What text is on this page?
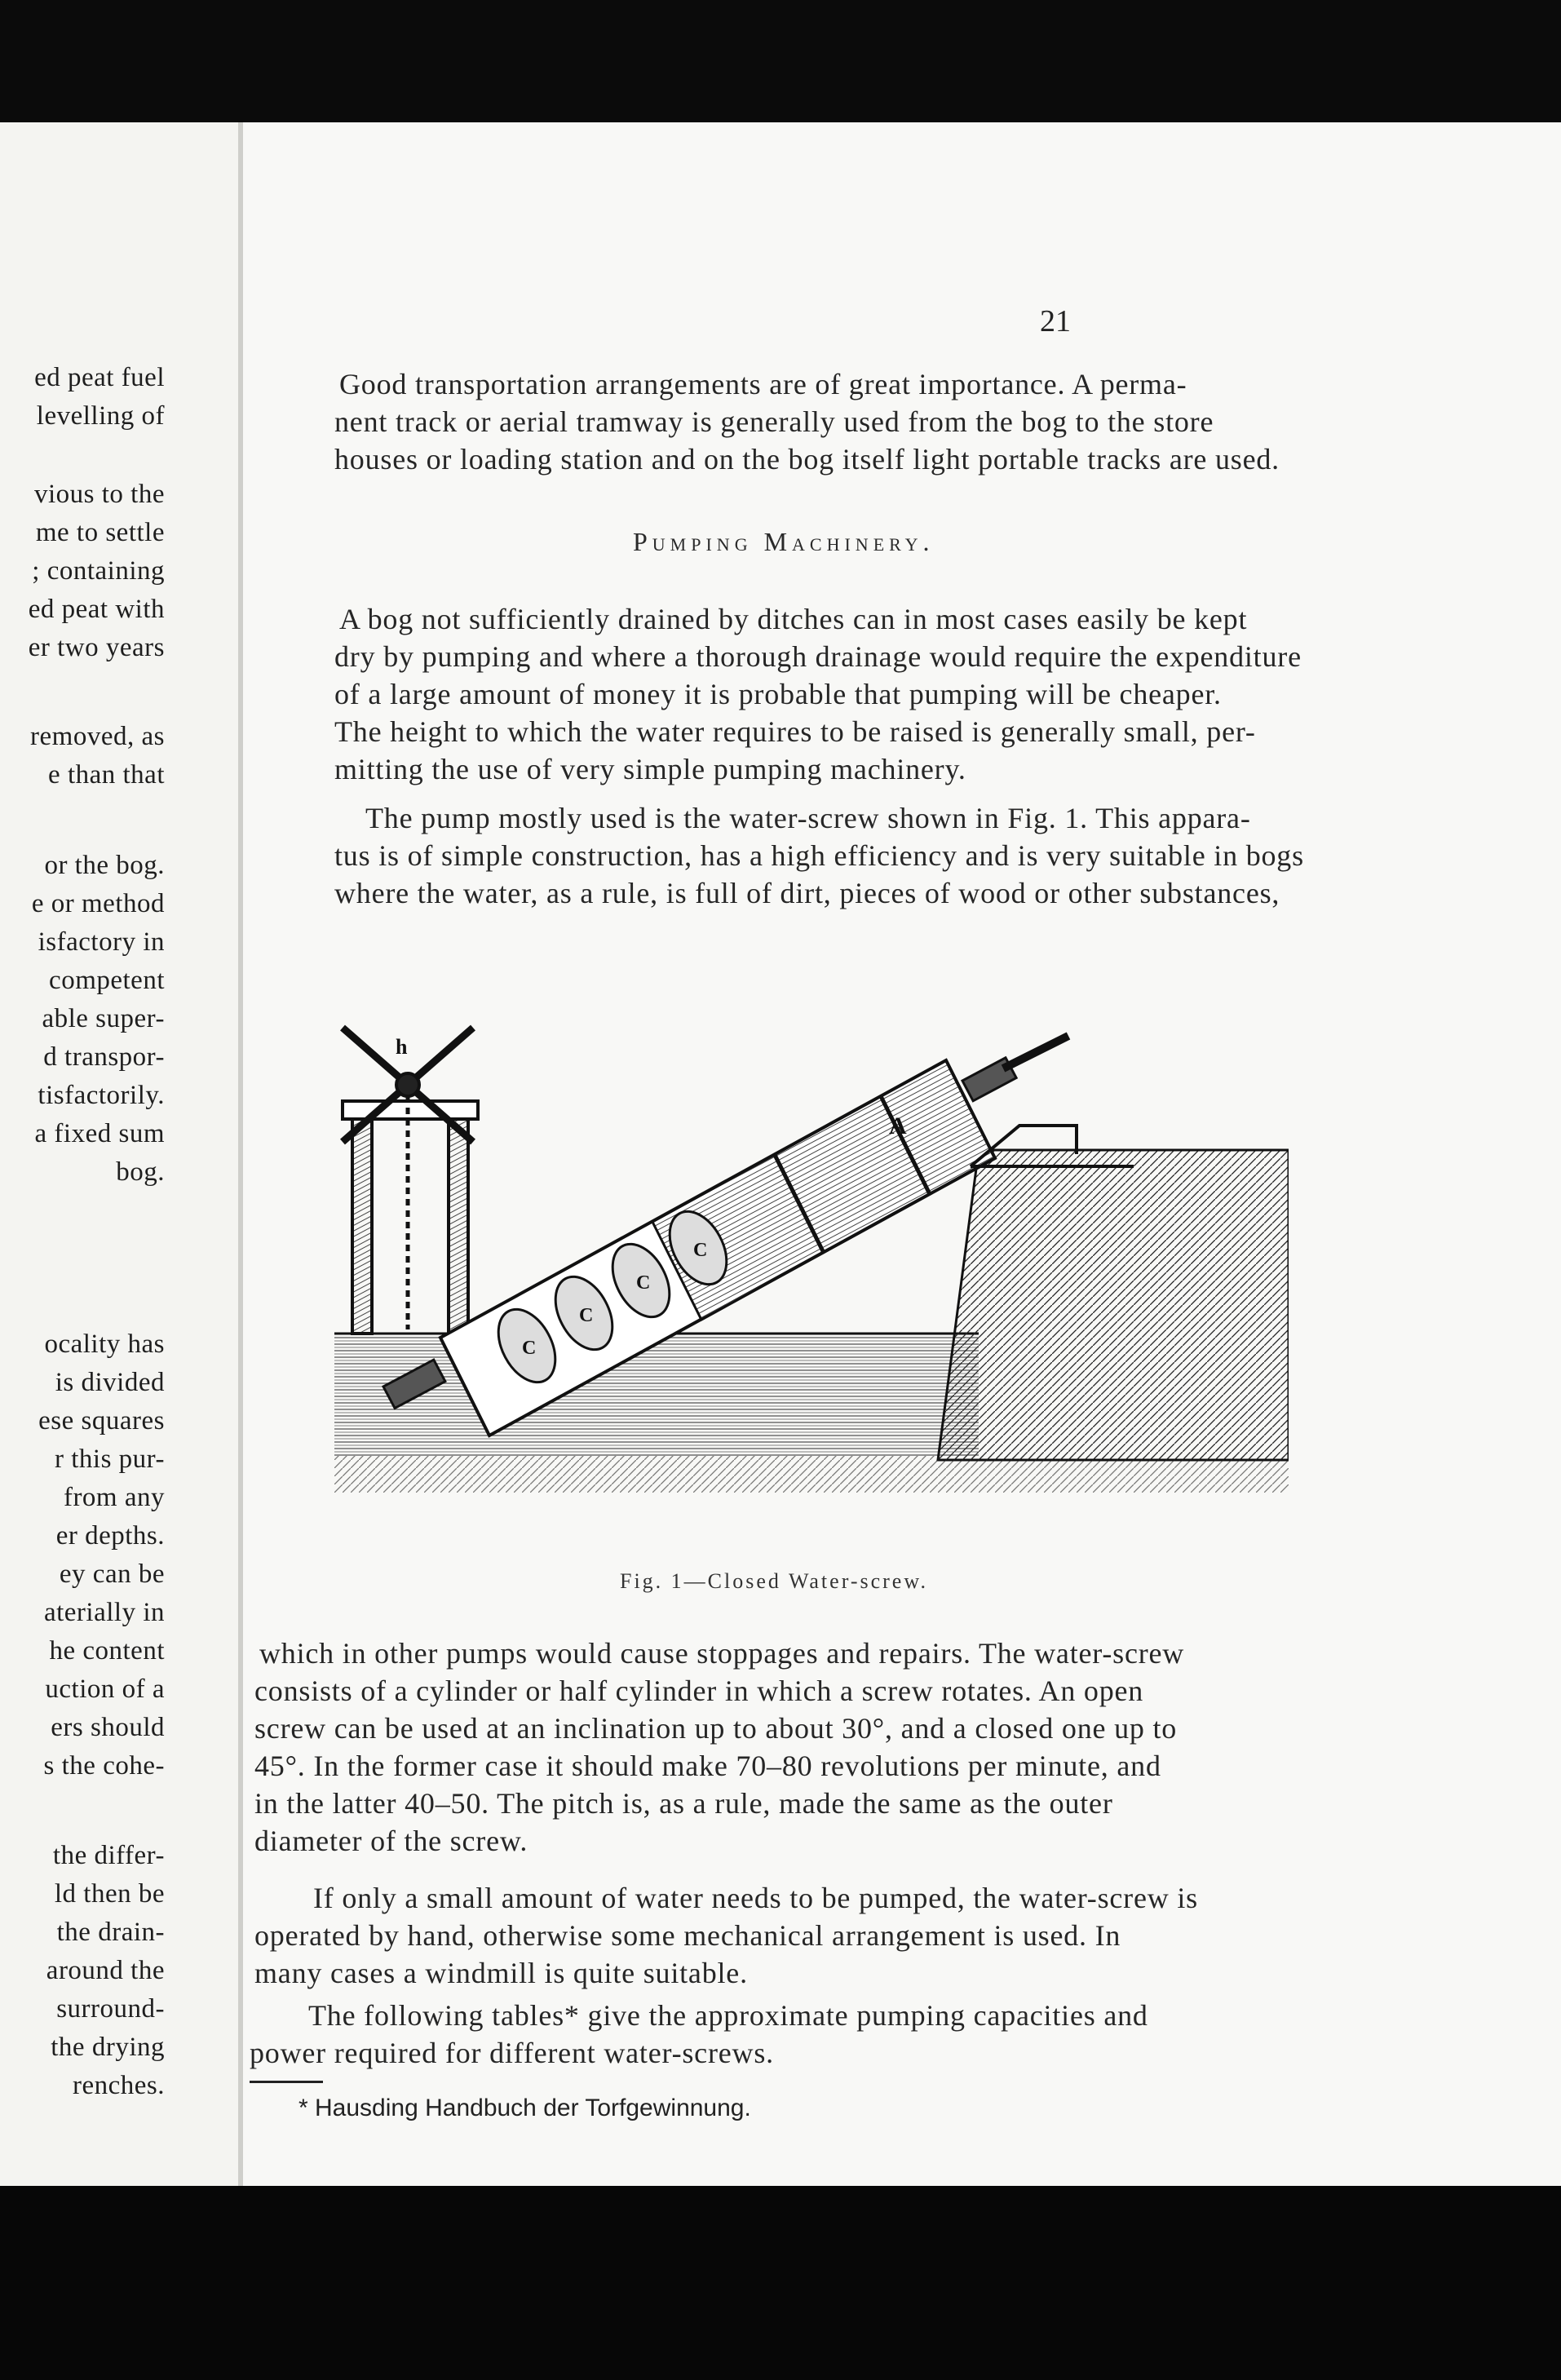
ed peat fuel
levelling of
vious to the
me to settle
; containing
ed peat with
er two years
removed, as
e than that
or the bog.
e or method
isfactory in
competent
able super-
d transpor-
tisfactorily.
a fixed sum
bog.
ocality has
is divided
ese squares
r this pur-
from any
er depths.
ey can be
aterially in
he content
uction of a
ers should
s the cohe-
the differ-
ld then be
the drain-
around the
surround-
the drying
renches.
21
Good transportation arrangements are of great importance. A perma-
nent track or aerial tramway is generally used from the bog to the store
houses or loading station and on the bog itself light portable tracks are used.
Pumping Machinery.
A bog not sufficiently drained by ditches can in most cases easily be kept
dry by pumping and where a thorough drainage would require the expenditure
of a large amount of money it is probable that pumping will be cheaper.
The height to which the water requires to be raised is generally small, per-
mitting the use of very simple pumping machinery.
The pump mostly used is the water-screw shown in Fig. 1. This appara-
tus is of simple construction, has a high efficiency and is very suitable in bogs
where the water, as a rule, is full of dirt, pieces of wood or other substances,
h
A
C
C
C
C
Fig. 1—Closed Water-screw.
which in other pumps would cause stoppages and repairs. The water-screw
consists of a cylinder or half cylinder in which a screw rotates. An open
screw can be used at an inclination up to about 30°, and a closed one up to
45°. In the former case it should make 70–80 revolutions per minute, and
in the latter 40–50. The pitch is, as a rule, made the same as the outer
diameter of the screw.
If only a small amount of water needs to be pumped, the water-screw is
operated by hand, otherwise some mechanical arrangement is used. In
many cases a windmill is quite suitable.
The following tables* give the approximate pumping capacities and
power required for different water-screws.
* Hausding Handbuch der Torfgewinnung.
